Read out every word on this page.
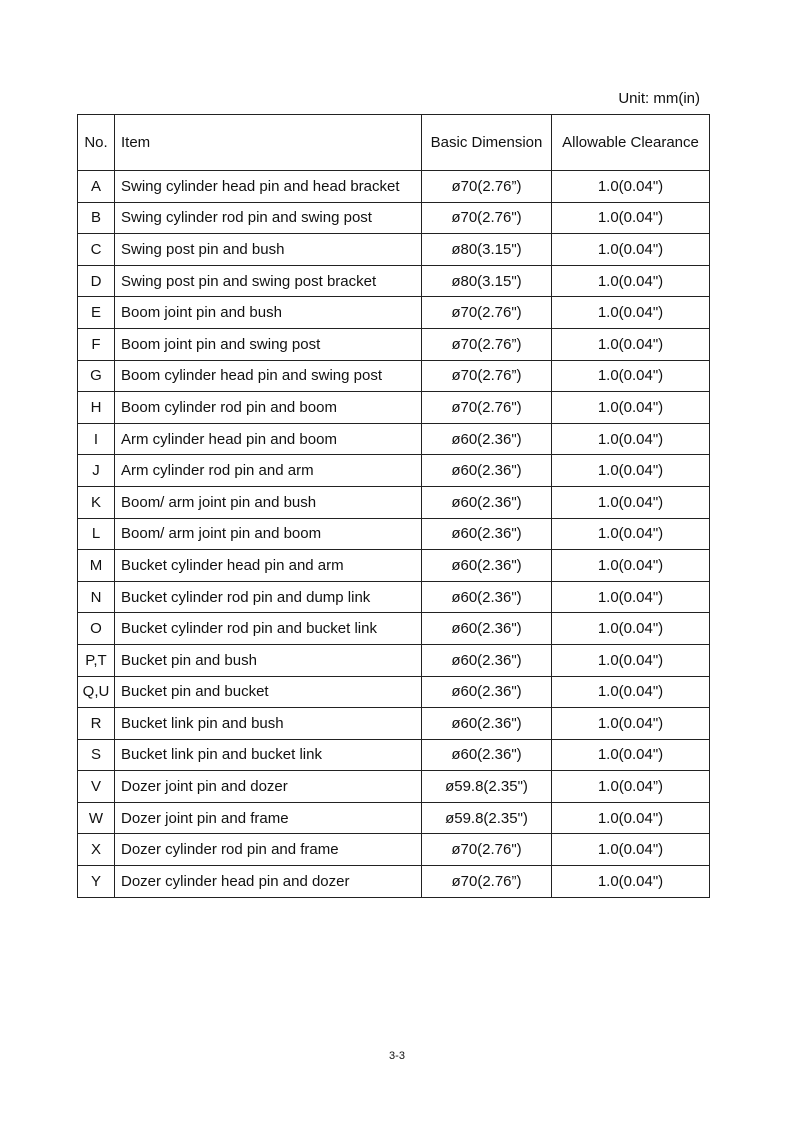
Unit: mm(in)
No.	Item	Basic Dimension	Allowable Clearance
A	Swing cylinder head pin and head bracket	ø70(2.76”)	1.0(0.04")
B	Swing cylinder rod pin and swing post	ø70(2.76")	1.0(0.04")
C	Swing post pin and bush	ø80(3.15")	1.0(0.04")
D	Swing post pin and swing post bracket	ø80(3.15")	1.0(0.04")
E	Boom joint pin and bush	ø70(2.76")	1.0(0.04")
F	Boom joint pin and swing post	ø70(2.76”)	1.0(0.04")
G	Boom cylinder head pin and swing post	ø70(2.76”)	1.0(0.04")
H	Boom cylinder rod pin and boom	ø70(2.76")	1.0(0.04")
I	Arm cylinder head pin and boom	ø60(2.36")	1.0(0.04")
J	Arm cylinder rod pin and arm	ø60(2.36")	1.0(0.04")
K	Boom/ arm joint pin and bush	ø60(2.36")	1.0(0.04")
L	Boom/ arm joint pin and boom	ø60(2.36")	1.0(0.04")
M	Bucket cylinder head pin and arm	ø60(2.36")	1.0(0.04")
N	Bucket cylinder rod pin and dump link	ø60(2.36")	1.0(0.04")
O	Bucket cylinder rod pin and bucket link	ø60(2.36")	1.0(0.04")
P,T	Bucket pin and bush	ø60(2.36")	1.0(0.04")
Q,U	Bucket pin and bucket	ø60(2.36")	1.0(0.04")
R	Bucket link pin and bush	ø60(2.36")	1.0(0.04")
S	Bucket link pin and bucket link	ø60(2.36")	1.0(0.04")
V	Dozer joint pin and dozer	ø59.8(2.35")	1.0(0.04”)
W	Dozer joint pin and frame	ø59.8(2.35")	1.0(0.04")
X	Dozer cylinder rod pin and frame	ø70(2.76")	1.0(0.04")
Y	Dozer cylinder head pin and dozer	ø70(2.76”)	1.0(0.04")
3-3
